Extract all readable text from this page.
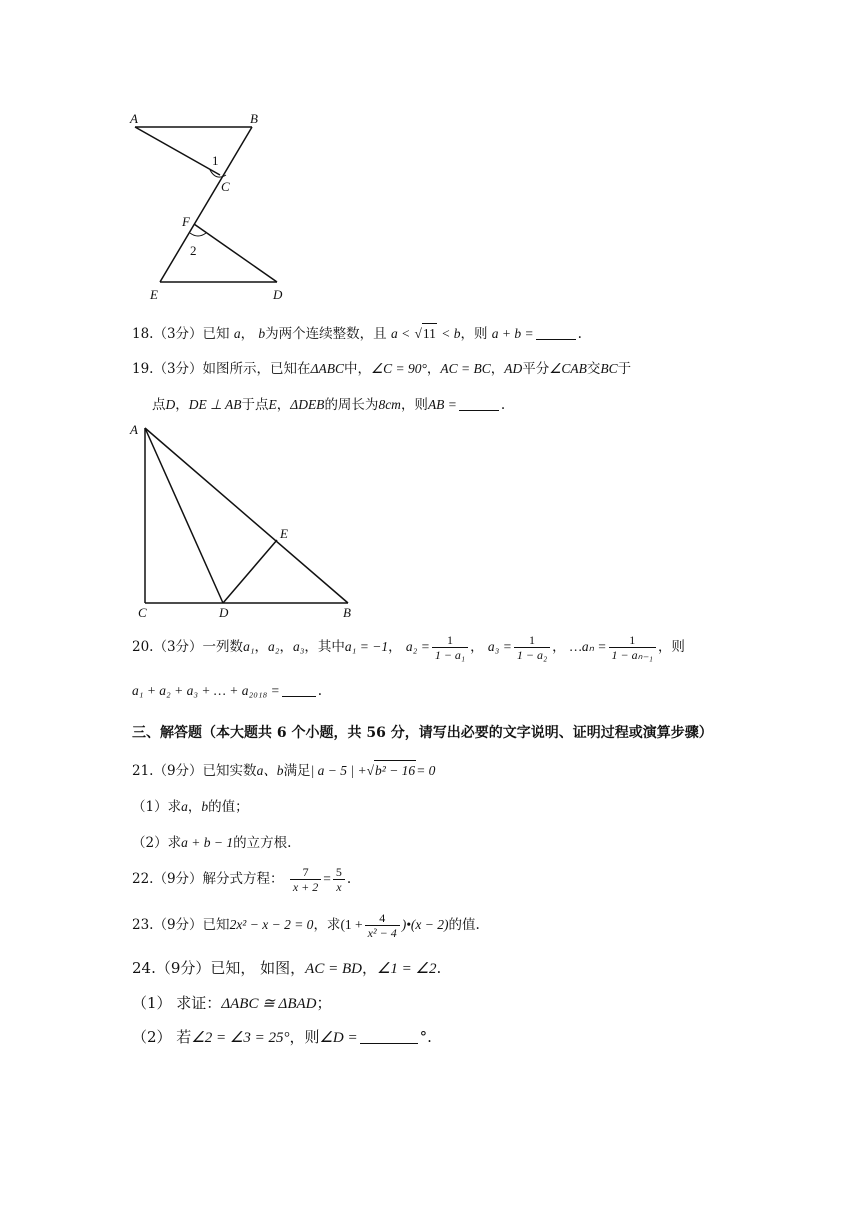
A	B
1
C
F
2
E	D
18.（3分）已知 a， b为两个连续整数，且 a < √11 < b，则 a + b =	.
19.（3分）如图所示，已知在ΔABC中，∠C = 90°，AC = BC，AD平分∠CAB交BC于
点D，DE ⊥ AB于点E，ΔDEB的周长为8cm，则AB =	.
A
E
C	D	B
20.（3分）一列数a₁，a₂，a₃，其中a₁ = −1， $a_2 = \frac{1}{\text{1 − a₁}}$ ， $a_3 = \frac{1}{\text{1 − a₂}}$ ， …aₙ = $\frac{1}{\text{1 − aₙ₋₁}}$ ，则
a₁ + a₂ + a₃ + … + a₂₀₁₈ =	.
三、解答题（本大题共 6 个小题，共 56 分，请写出必要的文字说明、证明过程或演算步骤）
21.（9分）已知实数a、b满足| a − 5 | +√b² − 16= 0
（1）求a，b的值；
（2）求a + b − 1的立方根.
22.（9分）解分式方程： $\frac{7}{x + 2} = \frac{5}{x}$ .
23.（9分）已知2x² − x − 2 = 0，求($1 + \frac{4}{\text{x² − 4}}$ )•(x − 2)的值.
24.（9分）已知， 如图，AC = BD，∠1 = ∠2.
（1） 求证：ΔABC ≅ ΔBAD；
（2） 若∠2 = ∠3 = 25°，则∠D =	°.
